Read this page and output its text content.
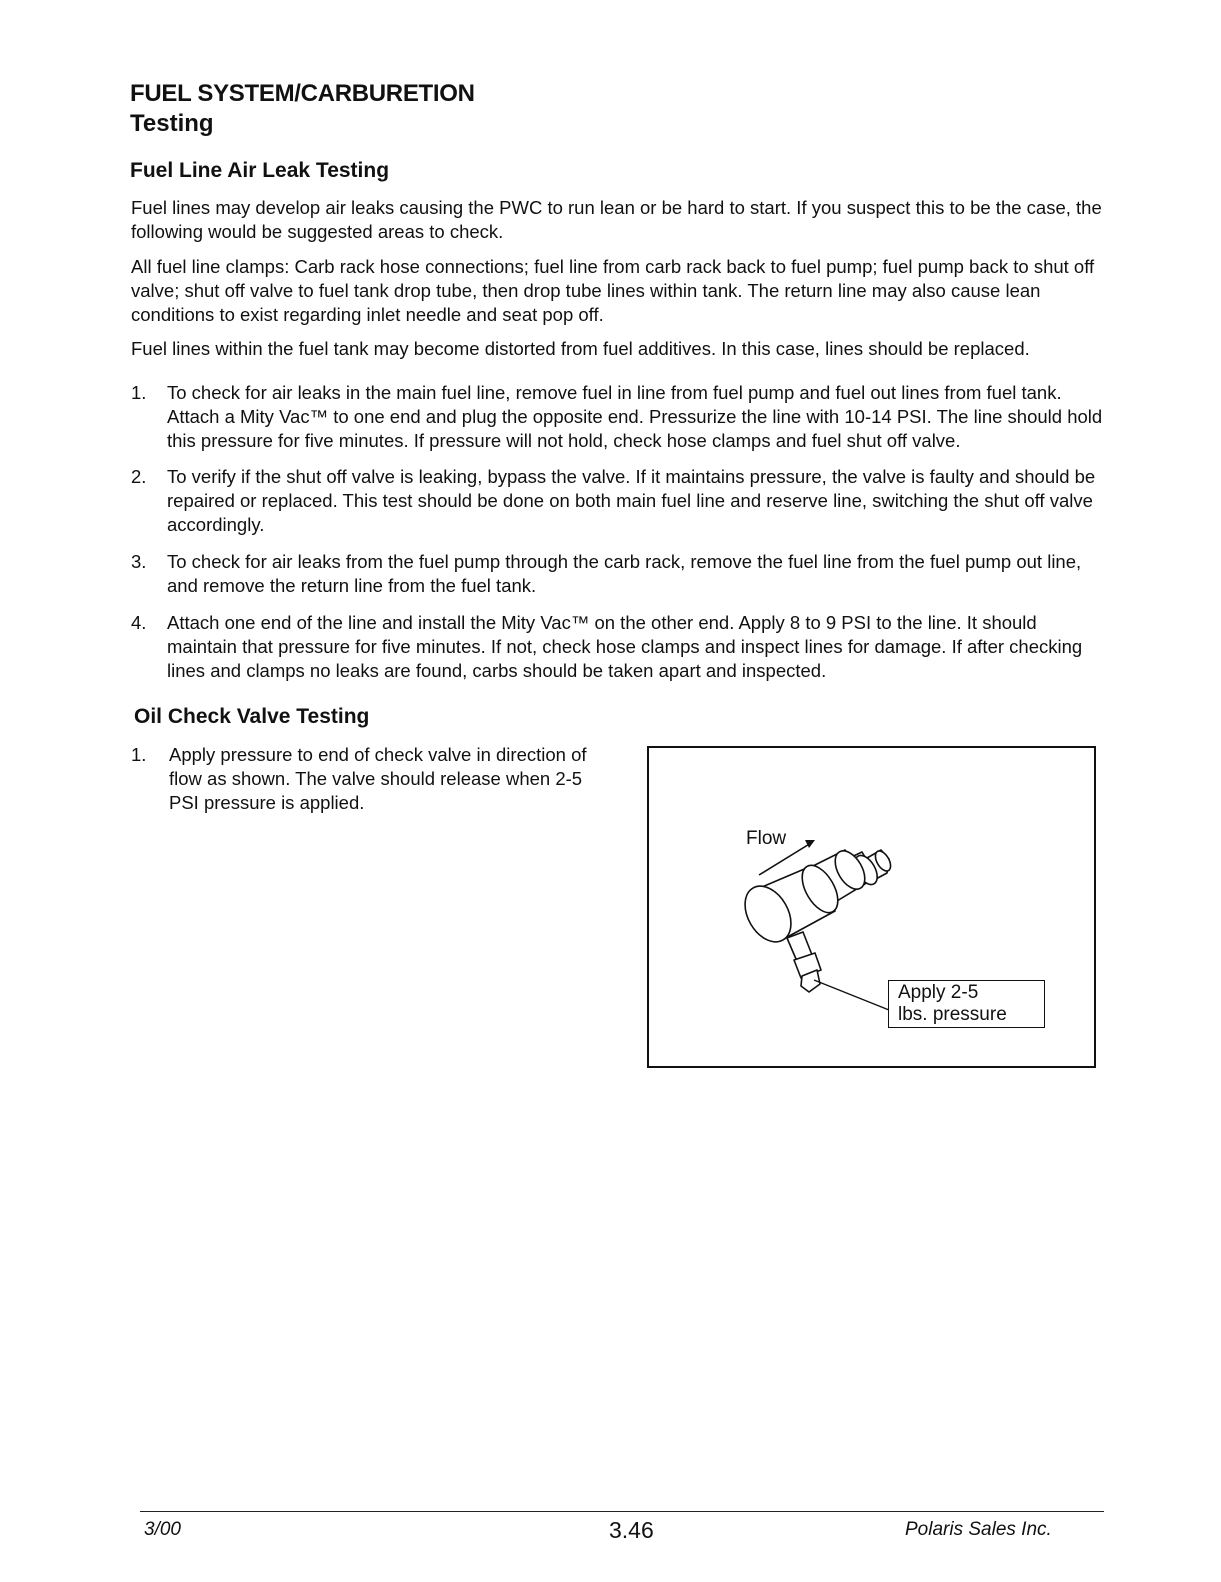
FUEL SYSTEM/CARBURETION
Testing
Fuel Line Air Leak Testing

Fuel lines may develop air leaks causing the PWC to run lean or be hard to start. If you suspect this to be the case, the following would be suggested areas to check.

All fuel line clamps: Carb rack hose connections; fuel line from carb rack back to fuel pump; fuel pump back to shut off valve; shut off valve to fuel tank drop tube, then drop tube lines within tank. The return line may also cause lean conditions to exist regarding inlet needle and seat pop off.

Fuel lines within the fuel tank may become distorted from fuel additives. In this case, lines should be replaced.

1. To check for air leaks in the main fuel line, remove fuel in line from fuel pump and fuel out lines from fuel tank. Attach a Mity Vac™ to one end and plug the opposite end. Pressurize the line with 10-14 PSI. The line should hold this pressure for five minutes. If pressure will not hold, check hose clamps and fuel shut off valve.
2. To verify if the shut off valve is leaking, bypass the valve. If it maintains pressure, the valve is faulty and should be repaired or replaced. This test should be done on both main fuel line and reserve line, switching the shut off valve accordingly.
3. To check for air leaks from the fuel pump through the carb rack, remove the fuel line from the fuel pump out line, and remove the return line from the fuel tank.
4. Attach one end of the line and install the Mity Vac™ on the other end. Apply 8 to 9 PSI to the line. It should maintain that pressure for five minutes. If not, check hose clamps and inspect lines for damage. If after checking lines and clamps no leaks are found, carbs should be taken apart and inspected.
Oil Check Valve Testing
1. Apply pressure to end of check valve in direction of flow as shown. The valve should release when 2-5 PSI pressure is applied.
Flow
Apply 2-5
lbs. pressure
3/00	3.46	Polaris Sales Inc.
